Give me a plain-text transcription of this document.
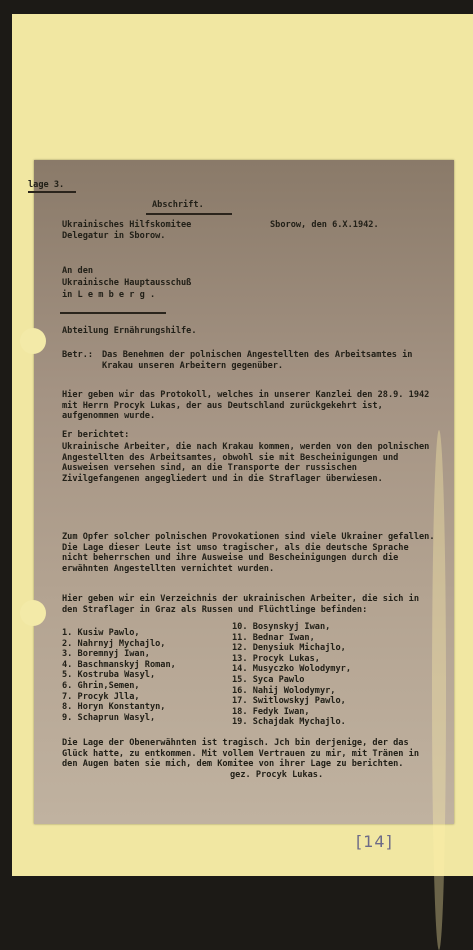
lage 3.
Abschrift.
Ukrainisches Hilfskomitee
Delegatur in Sborow.
Sborow, den 6.X.1942.
An den
Ukrainische Hauptausschuß
in L e m b e r g .
Abteilung Ernährungshilfe.
Betr.:	Das Benehmen der polnischen Angestellten des Arbeitsamtes in Krakau unseren Arbeitern gegenüber.
Hier geben wir das Protokoll, welches in unserer Kanzlei den 28.9. 1942 mit Herrn Procyk Lukas, der aus Deutschland zurückgekehrt ist, aufgenommen wurde.
Er berichtet:
Ukrainische Arbeiter, die nach Krakau kommen, werden von den polnischen Angestellten des Arbeitsamtes, obwohl sie mit Bescheinigungen und Ausweisen versehen sind, an die Transporte der russischen Zivilgefangenen angegliedert und in die Straflager überwiesen.
Zum Opfer solcher polnischen Provokationen sind viele Ukrainer gefallen. Die Lage dieser Leute ist umso tragischer, als die deutsche Sprache nicht beherrschen und ihre Ausweise und Bescheinigungen durch die erwähnten Angestellten vernichtet wurden.
Hier geben wir ein Verzeichnis der ukrainischen Arbeiter, die sich in den Straflager in Graz als Russen und Flüchtlinge befinden:
1. Kusiw Pawlo,
2. Nahrnyj Mychajlo,
3. Boremnyj Iwan,
4. Baschmanskyj Roman,
5. Kostruba Wasyl,
6. Ghrin,Semen,
7. Procyk Jlla,
8. Horyn Konstantyn,
9. Schaprun Wasyl,
10. Bosynskyj Iwan,
11. Bednar Iwan,
12. Denysiuk Michajlo,
13. Procyk Lukas,
14. Musyczko Wolodymyr,
15. Syca Pawlo
16. Nahij Wolodymyr,
17. Switlowskyj Pawlo,
18. Fedyk Iwan,
19. Schajdak Mychajlo.
Die Lage der Obenerwähnten ist tragisch. Jch bin derjenige, der das Glück hatte, zu entkommen. Mit vollem Vertrauen zu mir, mit Tränen in den Augen baten sie mich, dem Komitee von ihrer Lage zu berichten.
gez. Procyk Lukas.
[14]
